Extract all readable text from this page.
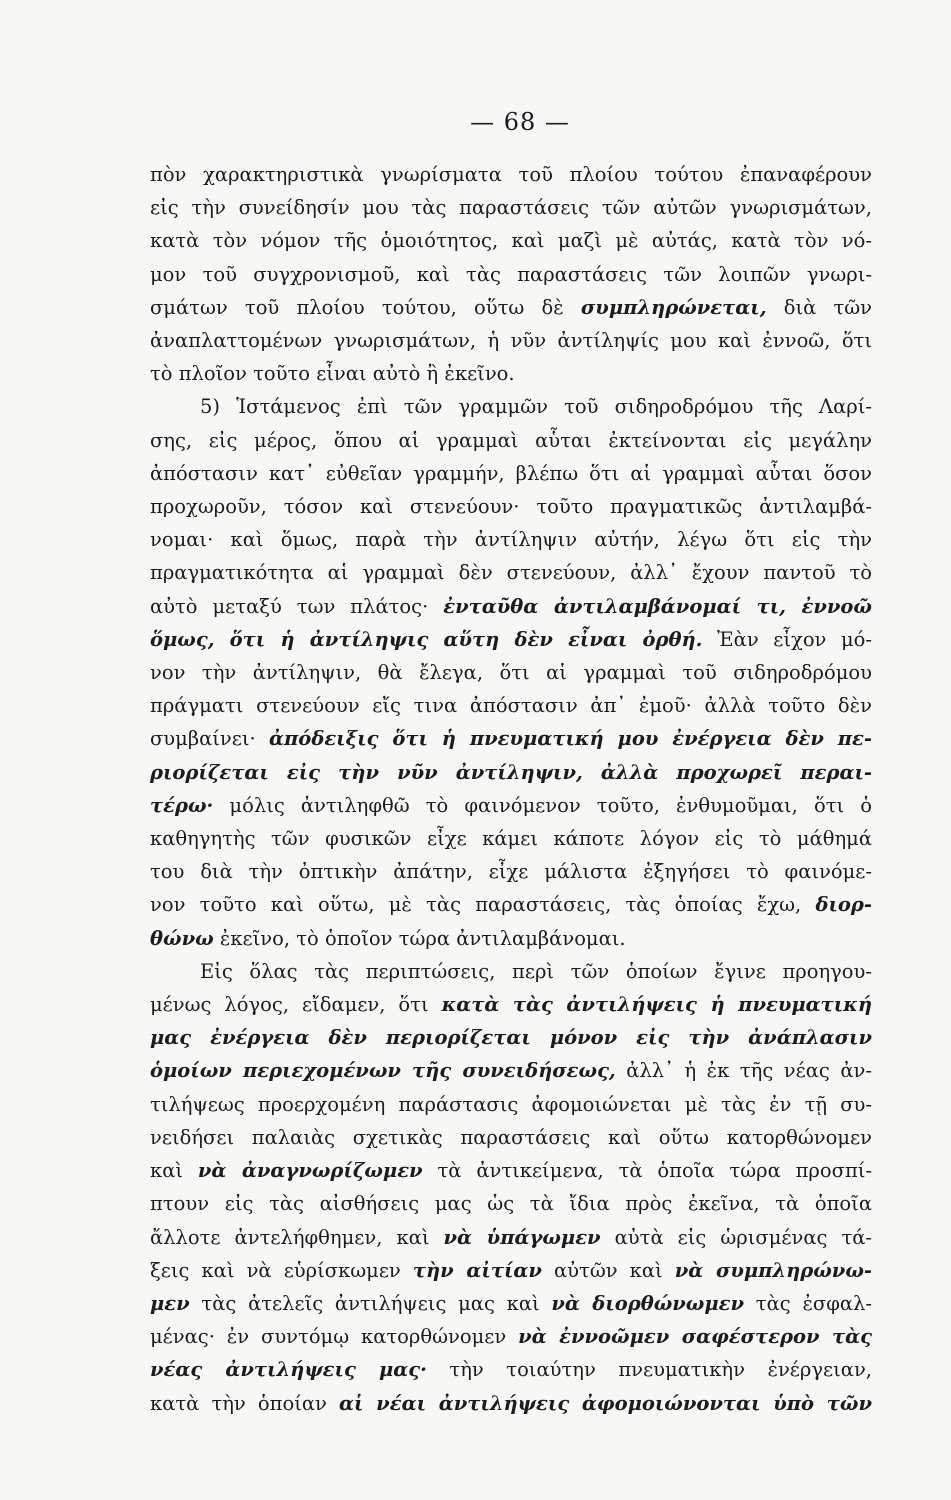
— 68 —
πὸν χαρακτηριστικὰ γνωρίσματα τοῦ πλοίου τούτου ἐπαναφέρουν
εἰς τὴν συνείδησίν μου τὰς παραστάσεις τῶν αὐτῶν γνωρισμάτων,
κατὰ τὸν νόμον τῆς ὁμοιότητος, καὶ μαζὶ μὲ αὐτάς, κατὰ τὸν νό-
μον τοῦ συγχρονισμοῦ, καὶ τὰς παραστάσεις τῶν λοιπῶν γνωρι-
σμάτων τοῦ πλοίου τούτου, οὕτω δὲ συμπληρώνεται, διὰ τῶν
ἀναπλαττομένων γνωρισμάτων, ἡ νῦν ἀντίληψίς μου καὶ ἐννοῶ, ὅτι
τὸ πλοῖον τοῦτο εἶναι αὐτὸ ἢ ἐκεῖνο.
5) Ἱστάμενος ἐπὶ τῶν γραμμῶν τοῦ σιδηροδρόμου τῆς Λαρί-
σης, εἰς μέρος, ὅπου αἱ γραμμαὶ αὗται ἐκτείνονται εἰς μεγάλην
ἀπόστασιν κατ᾽ εὐθεῖαν γραμμήν, βλέπω ὅτι αἱ γραμμαὶ αὗται ὅσον
προχωροῦν, τόσον καὶ στενεύουν· τοῦτο πραγματικῶς ἀντιλαμβά-
νομαι· καὶ ὅμως, παρὰ τὴν ἀντίληψιν αὐτήν, λέγω ὅτι εἰς τὴν
πραγματικότητα αἱ γραμμαὶ δὲν στενεύουν, ἀλλ᾽ ἔχουν παντοῦ τὸ
αὐτὸ μεταξύ των πλάτος· ἐνταῦθα ἀντιλαμβάνομαί τι, ἐννοῶ
ὅμως, ὅτι ἡ ἀντίληψις αὕτη δὲν εἶναι ὀρθή. Ἐὰν εἶχον μό-
νον τὴν ἀντίληψιν, θὰ ἔλεγα, ὅτι αἱ γραμμαὶ τοῦ σιδηροδρόμου
πράγματι στενεύουν εἴς τινα ἀπόστασιν ἀπ᾽ ἐμοῦ· ἀλλὰ τοῦτο δὲν
συμβαίνει· ἀπόδειξις ὅτι ἡ πνευματική μου ἐνέργεια δὲν πε-
ριορίζεται εἰς τὴν νῦν ἀντίληψιν, ἀλλὰ προχωρεῖ περαι-
τέρω· μόλις ἀντιληφθῶ τὸ φαινόμενον τοῦτο, ἐνθυμοῦμαι, ὅτι ὁ
καθηγητὴς τῶν φυσικῶν εἶχε κάμει κάποτε λόγον εἰς τὸ μάθημά
του διὰ τὴν ὀπτικὴν ἀπάτην, εἶχε μάλιστα ἐξηγήσει τὸ φαινόμε-
νον τοῦτο καὶ οὕτω, μὲ τὰς παραστάσεις, τὰς ὁποίας ἔχω, διορ-
θώνω ἐκεῖνο, τὸ ὁποῖον τώρα ἀντιλαμβάνομαι.
Εἰς ὅλας τὰς περιπτώσεις, περὶ τῶν ὁποίων ἔγινε προηγου-
μένως λόγος, εἴδαμεν, ὅτι κατὰ τὰς ἀντιλήψεις ἡ πνευματική
μας ἐνέργεια δὲν περιορίζεται μόνον εἰς τὴν ἀνάπλασιν
ὁμοίων περιεχομένων τῆς συνειδήσεως, ἀλλ᾽ ἡ ἐκ τῆς νέας ἀν-
τιλήψεως προερχομένη παράστασις ἀφομοιώνεται μὲ τὰς ἐν τῇ συ-
νειδήσει παλαιὰς σχετικὰς παραστάσεις καὶ οὕτω κατορθώνομεν
καὶ νὰ ἀναγνωρίζωμεν τὰ ἀντικείμενα, τὰ ὁποῖα τώρα προσπί-
πτουν εἰς τὰς αἰσθήσεις μας ὡς τὰ ἴδια πρὸς ἐκεῖνα, τὰ ὁποῖα
ἄλλοτε ἀντελήφθημεν, καὶ νὰ ὑπάγωμεν αὐτὰ εἰς ὡρισμένας τά-
ξεις καὶ νὰ εὑρίσκωμεν τὴν αἰτίαν αὐτῶν καὶ νὰ συμπληρώνω-
μεν τὰς ἀτελεῖς ἀντιλήψεις μας καὶ νὰ διορθώνωμεν τὰς ἐσφαλ-
μένας· ἐν συντόμῳ κατορθώνομεν νὰ ἐννοῶμεν σαφέστερον τὰς
νέας ἀντιλήψεις μας· τὴν τοιαύτην πνευματικὴν ἐνέργειαν,
κατὰ τὴν ὁποίαν αἱ νέαι ἀντιλήψεις ἀφομοιώνονται ὑπὸ τῶν
